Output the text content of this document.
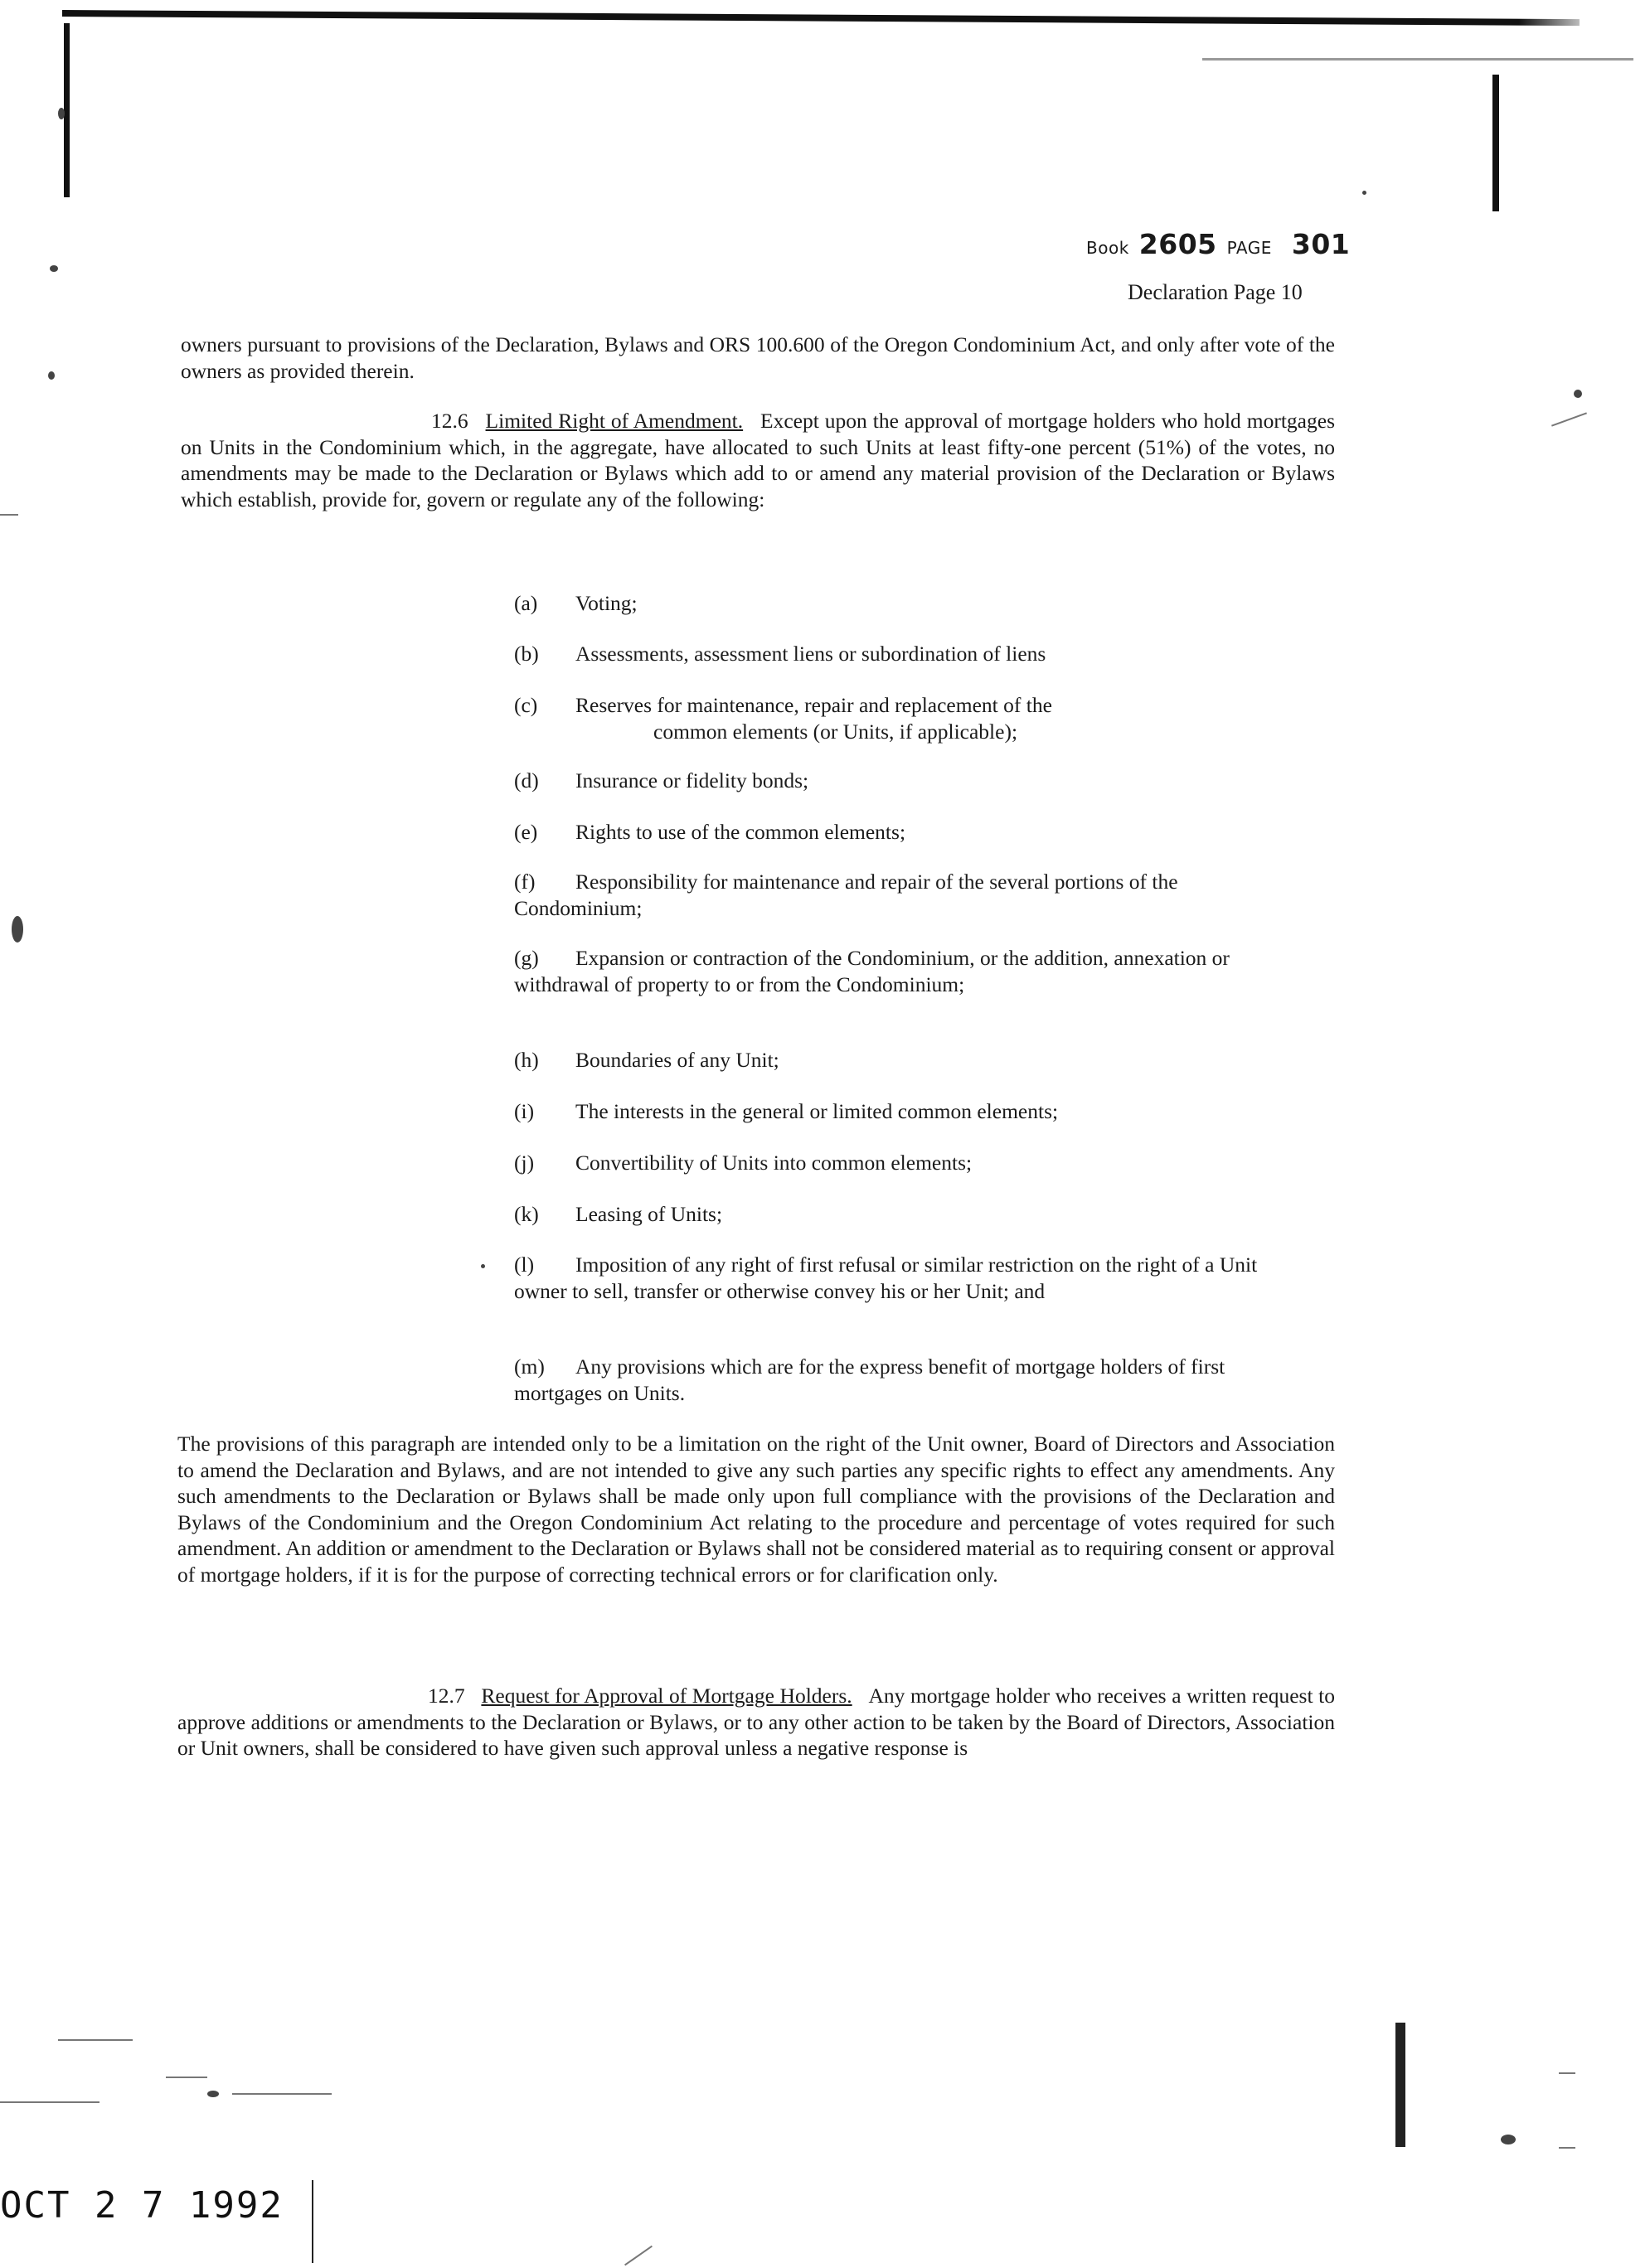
Book 2605 PAGE 301
Declaration Page 10
owners pursuant to provisions of the Declaration, Bylaws and ORS 100.600 of the Oregon Condominium Act, and only after vote of the owners as provided therein.
12.6 Limited Right of Amendment. Except upon the approval of mortgage holders who hold mortgages on Units in the Condominium which, in the aggregate, have allocated to such Units at least fifty-one percent (51%) of the votes, no amendments may be made to the Declaration or Bylaws which add to or amend any material provision of the Declaration or Bylaws which establish, provide for, govern or regulate any of the following:
(a) Voting;
(b) Assessments, assessment liens or subordination of liens
(c) Reserves for maintenance, repair and replacement of the
common elements (or Units, if applicable);
(d) Insurance or fidelity bonds;
(e) Rights to use of the common elements;
(f) Responsibility for maintenance and repair of the several portions of the Condominium;
(g) Expansion or contraction of the Condominium, or the addition, annexation or withdrawal of property to or from the Condominium;
(h) Boundaries of any Unit;
(i) The interests in the general or limited common elements;
(j) Convertibility of Units into common elements;
(k) Leasing of Units;
(l) Imposition of any right of first refusal or similar restriction on the right of a Unit owner to sell, transfer or otherwise convey his or her Unit; and
(m) Any provisions which are for the express benefit of mortgage holders of first mortgages on Units.
The provisions of this paragraph are intended only to be a limitation on the right of the Unit owner, Board of Directors and Association to amend the Declaration and Bylaws, and are not intended to give any such parties any specific rights to effect any amendments. Any such amendments to the Declaration or Bylaws shall be made only upon full compliance with the provisions of the Declaration and Bylaws of the Condominium and the Oregon Condominium Act relating to the procedure and percentage of votes required for such amendment. An addition or amendment to the Declaration or Bylaws shall not be considered material as to requiring consent or approval of mortgage holders, if it is for the purpose of correcting technical errors or for clarification only.
12.7 Request for Approval of Mortgage Holders. Any mortgage holder who receives a written request to approve additions or amendments to the Declaration or Bylaws, or to any other action to be taken by the Board of Directors, Association or Unit owners, shall be considered to have given such approval unless a negative response is
OCT 2 7 1992
